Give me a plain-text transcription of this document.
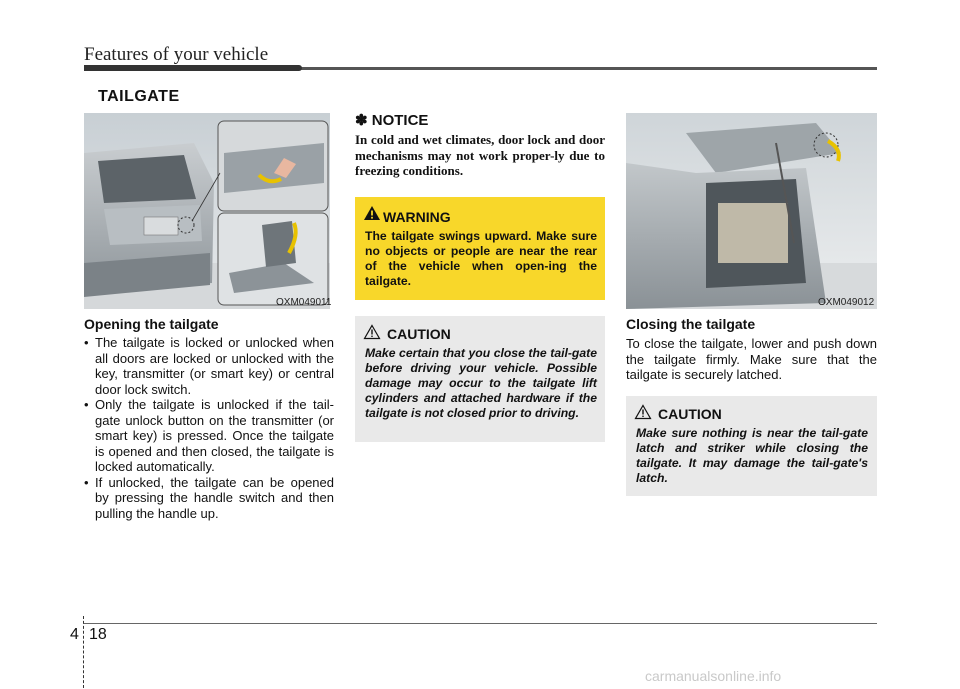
Features of your vehicle
TAILGATE
OXM049011
Opening the tailgate
• The tailgate is locked or unlocked when all doors are locked or unlocked with the key, transmitter (or smart key) or central door lock switch.
• Only the tailgate is unlocked if the tail-gate unlock button on the transmitter (or smart key) is pressed. Once the tailgate is opened and then closed, the tailgate is locked automatically.
• If unlocked, the tailgate can be opened by pressing the handle switch and then pulling the handle up.
✽ NOTICE
In cold and wet climates, door lock and door mechanisms may not work proper-ly due to freezing conditions.
WARNING
The tailgate swings upward. Make sure no objects or people are near the rear of the vehicle when open-ing the tailgate.
CAUTION
Make certain that you close the tail-gate before driving your vehicle. Possible damage may occur to the tailgate lift cylinders and attached hardware if the tailgate is not closed prior to driving.
OXM049012
Closing the tailgate
To close the tailgate, lower and push down the tailgate firmly. Make sure that the tailgate is securely latched.
CAUTION
Make sure nothing is near the tail-gate latch and striker while closing the tailgate. It may damage the tail-gate's latch.
4 18
carmanualsonline.info
